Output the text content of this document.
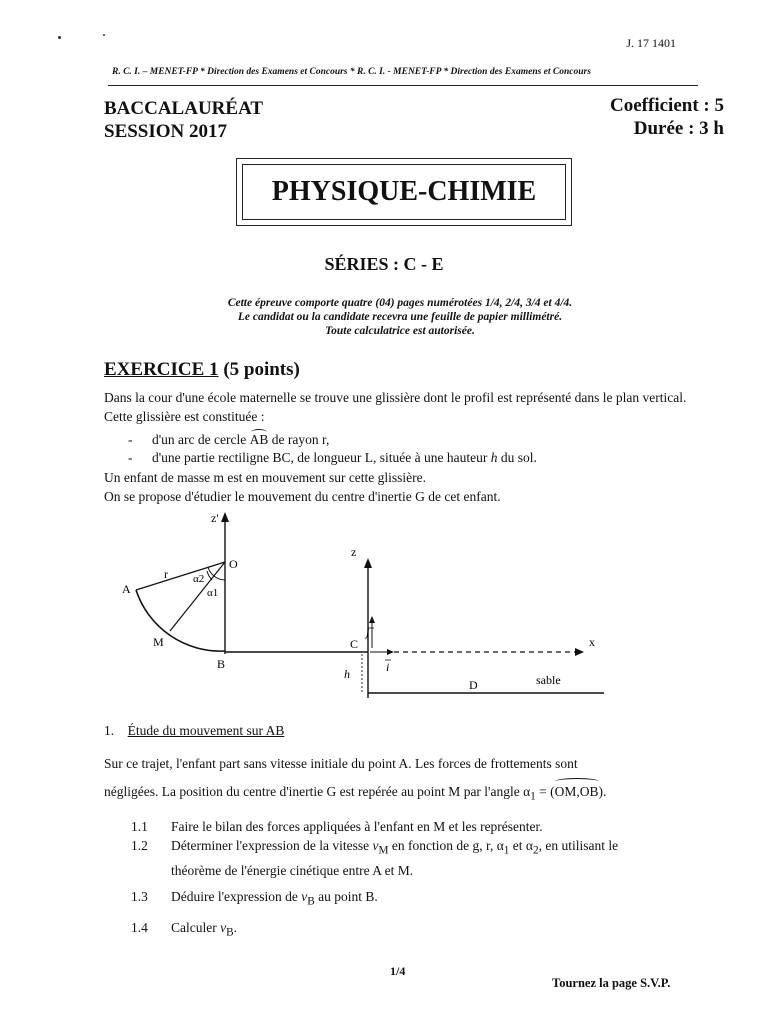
J. 17 1401
R. C. I. – MENET-FP * Direction des Examens et Concours * R. C. I. - MENET-FP * Direction des Examens et Concours
BACCALAURÉAT
SESSION 2017
Coefficient : 5
Durée : 3 h
PHYSIQUE-CHIMIE
SÉRIES : C - E
Cette épreuve comporte quatre (04) pages numérotées 1/4, 2/4, 3/4 et 4/4.
Le candidat ou la candidate recevra une feuille de papier millimétré.
Toute calculatrice est autorisée.
EXERCICE 1 (5 points)
Dans la cour d'une école maternelle se trouve une glissière dont le profil est représenté dans le plan vertical. Cette glissière est constituée :
- d'un arc de cercle AB de rayon r,
- d'une partie rectiligne BC, de longueur L, située à une hauteur h du sol.
Un enfant de masse m est en mouvement sur cette glissière.
On se propose d'étudier le mouvement du centre d'inertie G de cet enfant.
z'
O
r α2
α1
A
M
B
z
C
j
i
x
h
D	sable
1. Étude du mouvement sur AB
Sur ce trajet, l'enfant part sans vitesse initiale du point A. Les forces de frottements sont
négligées. La position du centre d'inertie G est repérée au point M par l'angle $\alpha_1 = (OM,OB)$.
1.1 Faire le bilan des forces appliquées à l'enfant en M et les représenter.
1.2 Déterminer l'expression de la vitesse $v_M$ en fonction de g, r, $\alpha_1$ et $\alpha_2$, en utilisant le
théorème de l'énergie cinétique entre A et M.
1.3 Déduire l'expression de $v_B$ au point B.
1.4 Calculer $v_B$.
1/4
Tournez la page S.V.P.
